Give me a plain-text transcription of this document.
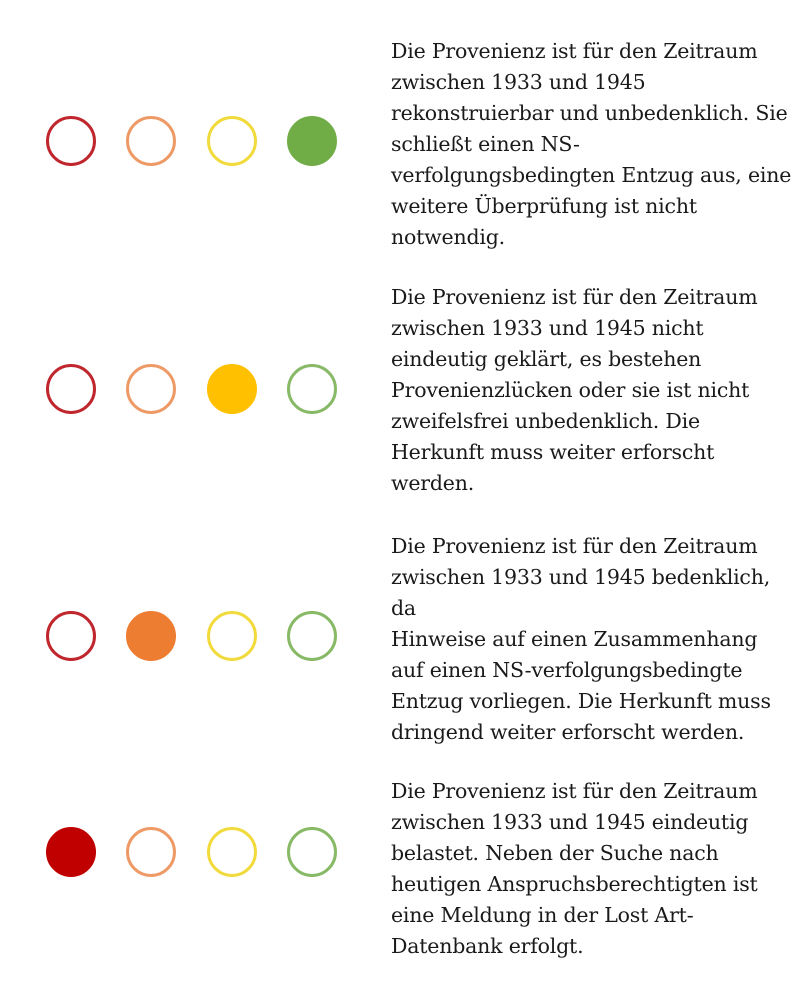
Die Provenienz ist für den Zeitraum
zwischen 1933 und 1945
rekonstruierbar und unbedenklich. Sie
schließt einen NS-
verfolgungsbedingten Entzug aus, eine
weitere Überprüfung ist nicht
notwendig.

Die Provenienz ist für den Zeitraum
zwischen 1933 und 1945 nicht
eindeutig geklärt, es bestehen
Provenienzlücken oder sie ist nicht
zweifelsfrei unbedenklich. Die
Herkunft muss weiter erforscht
werden.

Die Provenienz ist für den Zeitraum
zwischen 1933 und 1945 bedenklich, da
Hinweise auf einen Zusammenhang
auf einen NS-verfolgungsbedingte
Entzug vorliegen. Die Herkunft muss
dringend weiter erforscht werden.

Die Provenienz ist für den Zeitraum
zwischen 1933 und 1945 eindeutig
belastet. Neben der Suche nach
heutigen Anspruchsberechtigten ist
eine Meldung in der Lost Art-
Datenbank erfolgt.
